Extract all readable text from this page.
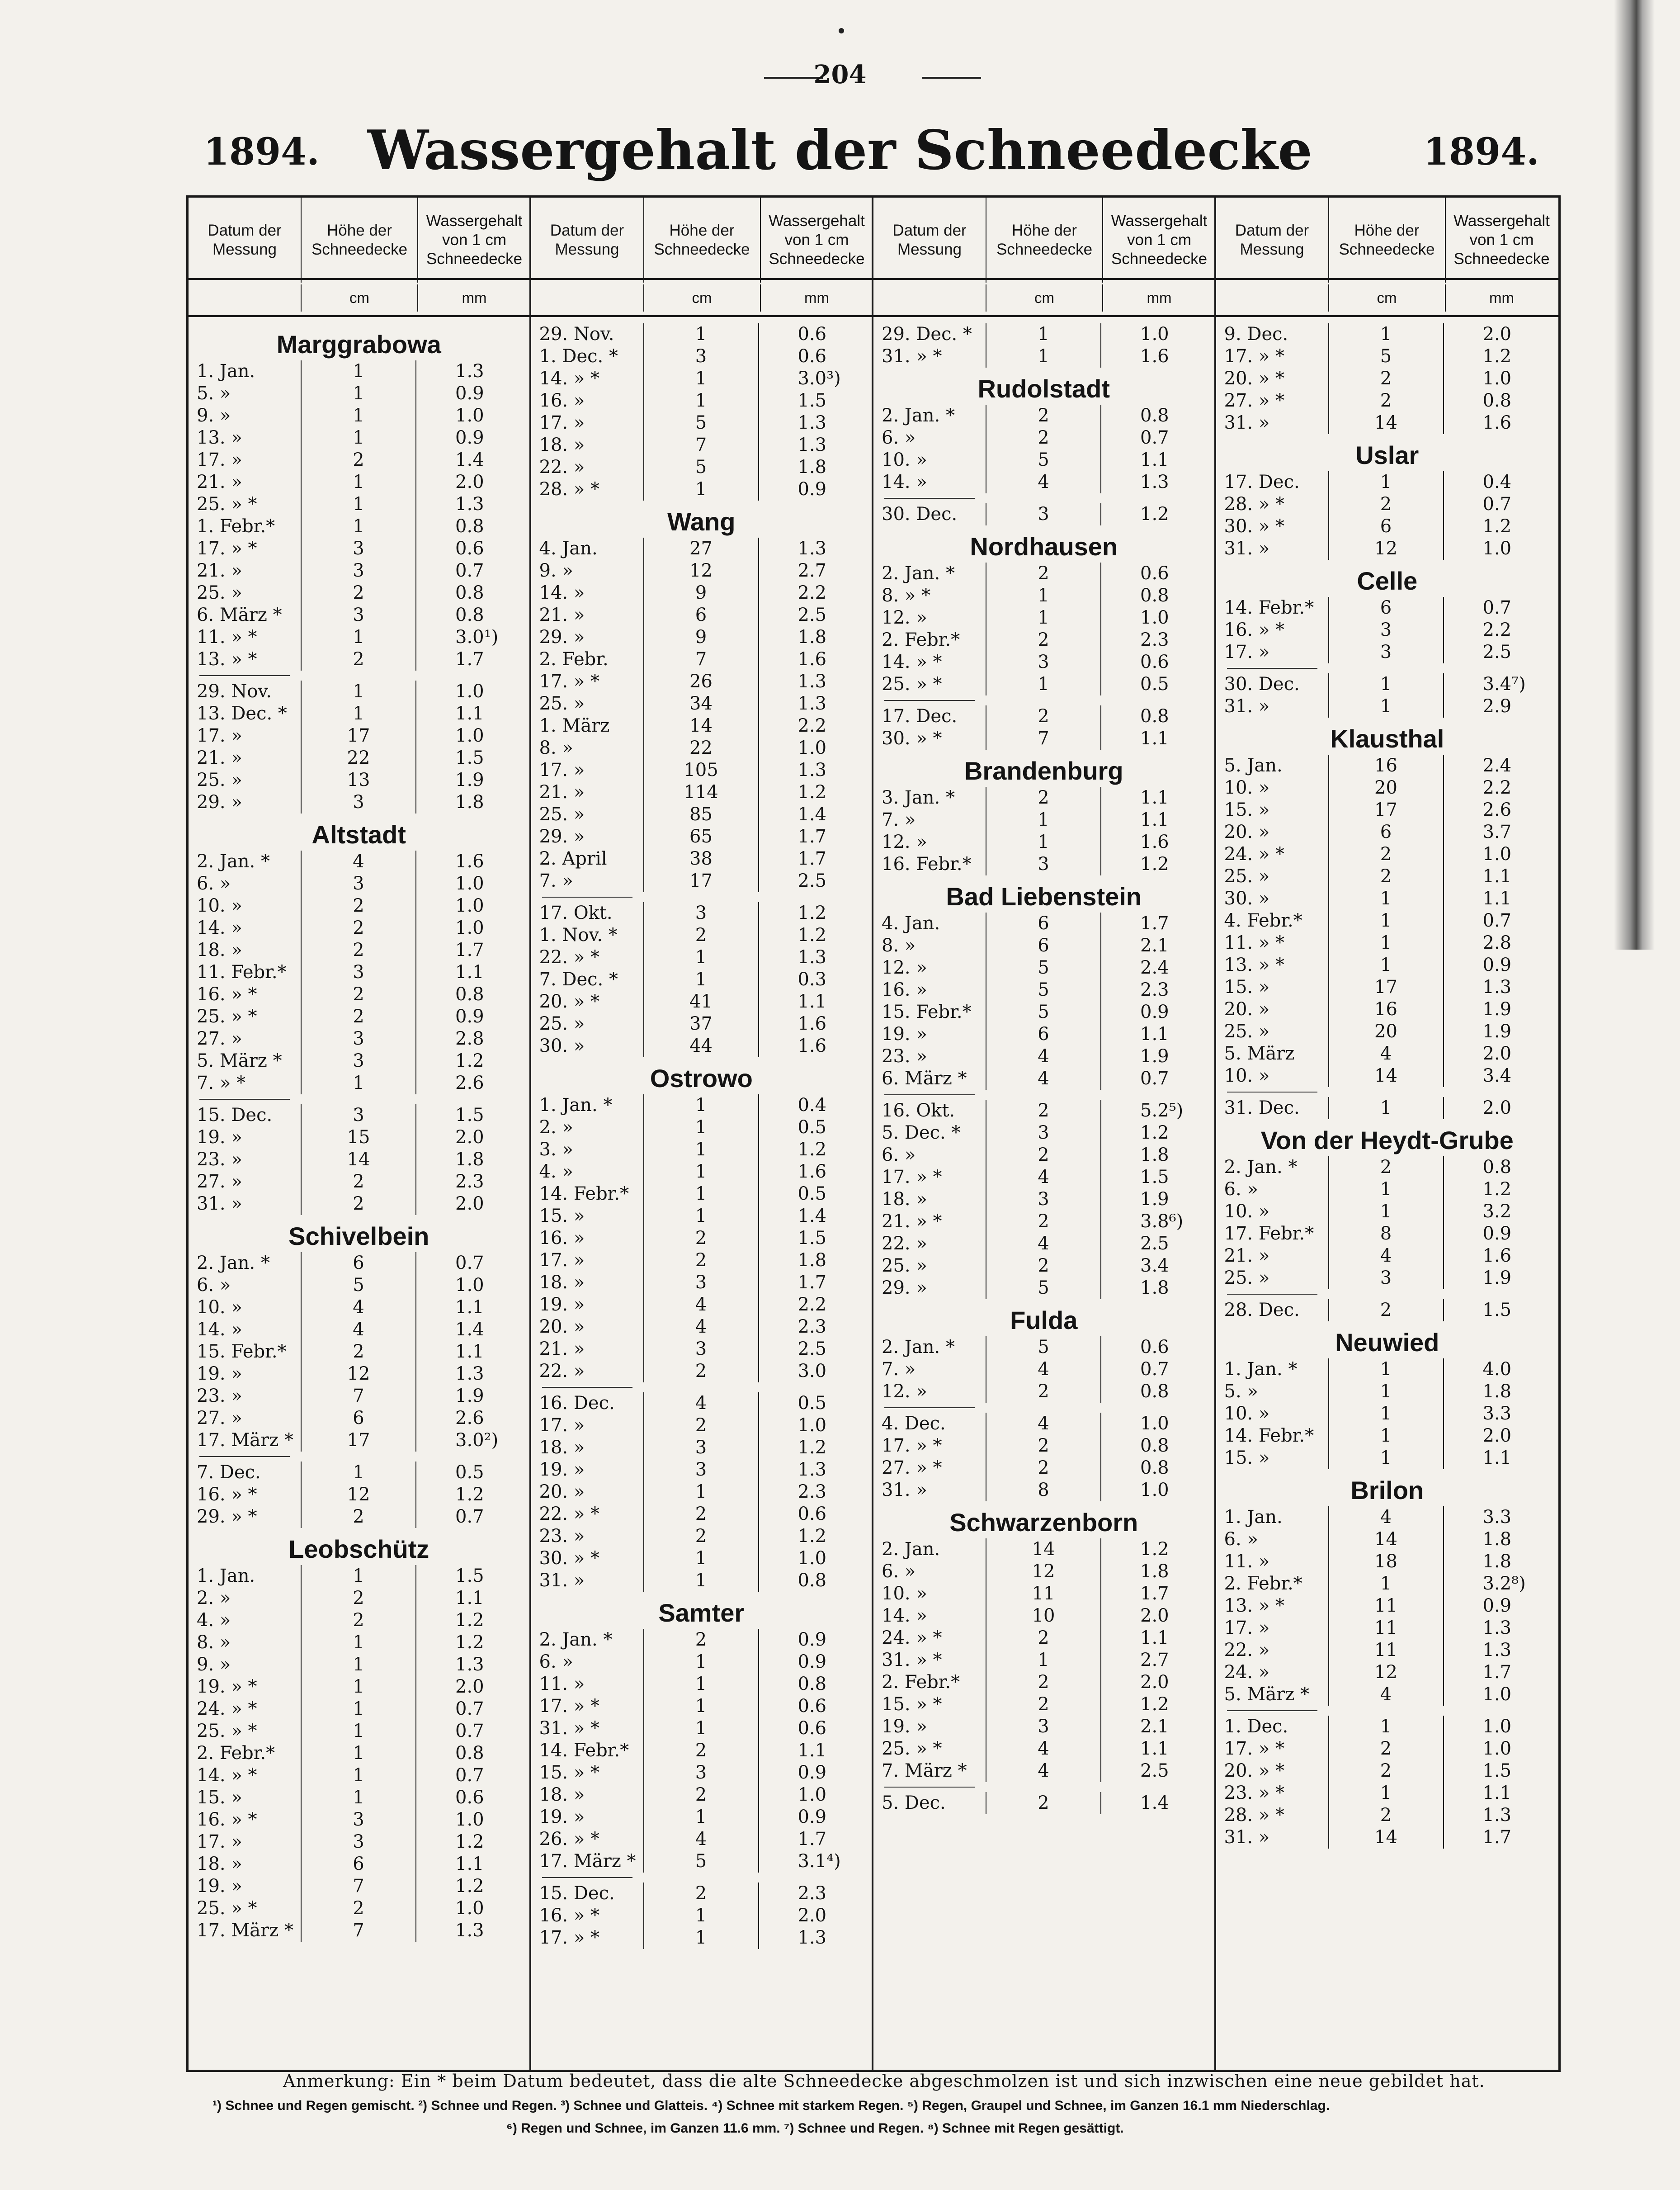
204
1894. Wassergehalt der Schneedecke	1894.
Datum der Messung
Höhe der Schneedecke
Wassergehalt von 1 cm Schneedecke
cm	mm
Marggrabowa
1. Jan.	1	1.3
5. »	1	0.9
9. »	1	1.0
13. »	1	0.9
17. »	2	1.4
21. »	1	2.0
25. » *	1	1.3
1. Febr.*	1	0.8
17. » *	3	0.6
21. »	3	0.7
25. »	2	0.8
6. März *	3	0.8
11. » *	1	3.0¹)
13. » *	2	1.7
29. Nov.	1	1.0
13. Dec. *	1	1.1
17. »	17	1.0
21. »	22	1.5
25. »	13	1.9
29. »	3	1.8
Altstadt
2. Jan. *	4	1.6
6. »	3	1.0
10. »	2	1.0
14. »	2	1.0
18. »	2	1.7
11. Febr.*	3	1.1
16. » *	2	0.8
25. » *	2	0.9
27. »	3	2.8
5. März *	3	1.2
7. » *	1	2.6
15. Dec.	3	1.5
19. »	15	2.0
23. »	14	1.8
27. »	2	2.3
31. »	2	2.0
Schivelbein
2. Jan. *	6	0.7
6. »	5	1.0
10. »	4	1.1
14. »	4	1.4
15. Febr.*	2	1.1
19. »	12	1.3
23. »	7	1.9
27. »	6	2.6
17. März *	17	3.0²)
7. Dec.	1	0.5
16. » *	12	1.2
29. » *	2	0.7
Leobschütz
1. Jan.	1	1.5
2. »	2	1.1
4. »	2	1.2
8. »	1	1.2
9. »	1	1.3
19. » *	1	2.0
24. » *	1	0.7
25. » *	1	0.7
2. Febr.*	1	0.8
14. » *	1	0.7
15. »	1	0.6
16. » *	3	1.0
17. »	3	1.2
18. »	6	1.1
19. »	7	1.2
25. » *	2	1.0
17. März *	7	1.3
Datum der Messung
Höhe der Schneedecke
Wassergehalt von 1 cm Schneedecke
cm	mm
29. Nov.	1	0.6
1. Dec. *	3	0.6
14. » *	1	3.0³)
16. »	1	1.5
17. »	5	1.3
18. »	7	1.3
22. »	5	1.8
28. » *	1	0.9
Wang
4. Jan.	27	1.3
9. »	12	2.7
14. »	9	2.2
21. »	6	2.5
29. »	9	1.8
2. Febr.	7	1.6
17. » *	26	1.3
25. »	34	1.3
1. März	14	2.2
8. »	22	1.0
17. »	105	1.3
21. »	114	1.2
25. »	85	1.4
29. »	65	1.7
2. April	38	1.7
7. »	17	2.5
17. Okt.	3	1.2
1. Nov. *	2	1.2
22. » *	1	1.3
7. Dec. *	1	0.3
20. » *	41	1.1
25. »	37	1.6
30. »	44	1.6
Ostrowo
1. Jan. *	1	0.4
2. »	1	0.5
3. »	1	1.2
4. »	1	1.6
14. Febr.*	1	0.5
15. »	1	1.4
16. »	2	1.5
17. »	2	1.8
18. »	3	1.7
19. »	4	2.2
20. »	4	2.3
21. »	3	2.5
22. »	2	3.0
16. Dec.	4	0.5
17. »	2	1.0
18. »	3	1.2
19. »	3	1.3
20. »	1	2.3
22. » *	2	0.6
23. »	2	1.2
30. » *	1	1.0
31. »	1	0.8
Samter
2. Jan. *	2	0.9
6. »	1	0.9
11. »	1	0.8
17. » *	1	0.6
31. » *	1	0.6
14. Febr.*	2	1.1
15. » *	3	0.9
18. »	2	1.0
19. »	1	0.9
26. » *	4	1.7
17. März *	5	3.1⁴)
15. Dec.	2	2.3
16. » *	1	2.0
17. » *	1	1.3
Datum der Messung
Höhe der Schneedecke
Wassergehalt von 1 cm Schneedecke
cm	mm
29. Dec. *	1	1.0
31. » *	1	1.6
Rudolstadt
2. Jan. *	2	0.8
6. »	2	0.7
10. »	5	1.1
14. »	4	1.3
30. Dec.	3	1.2
Nordhausen
2. Jan. *	2	0.6
8. » *	1	0.8
12. »	1	1.0
2. Febr.*	2	2.3
14. » *	3	0.6
25. » *	1	0.5
17. Dec.	2	0.8
30. » *	7	1.1
Brandenburg
3. Jan. *	2	1.1
7. »	1	1.1
12. »	1	1.6
16. Febr.*	3	1.2
Bad Liebenstein
4. Jan.	6	1.7
8. »	6	2.1
12. »	5	2.4
16. »	5	2.3
15. Febr.*	5	0.9
19. »	6	1.1
23. »	4	1.9
6. März *	4	0.7
16. Okt.	2	5.2⁵)
5. Dec. *	3	1.2
6. »	2	1.8
17. » *	4	1.5
18. »	3	1.9
21. » *	2	3.8⁶)
22. »	4	2.5
25. »	2	3.4
29. »	5	1.8
Fulda
2. Jan. *	5	0.6
7. »	4	0.7
12. »	2	0.8
4. Dec.	4	1.0
17. » *	2	0.8
27. » *	2	0.8
31. »	8	1.0
Schwarzenborn
2. Jan.	14	1.2
6. »	12	1.8
10. »	11	1.7
14. »	10	2.0
24. » *	2	1.1
31. » *	1	2.7
2. Febr.*	2	2.0
15. » *	2	1.2
19. »	3	2.1
25. » *	4	1.1
7. März *	4	2.5
5. Dec.	2	1.4
Datum der Messung
Höhe der Schneedecke
Wassergehalt von 1 cm Schneedecke
cm	mm
9. Dec.	1	2.0
17. » *	5	1.2
20. » *	2	1.0
27. » *	2	0.8
31. »	14	1.6
Uslar
17. Dec.	1	0.4
28. » *	2	0.7
30. » *	6	1.2
31. »	12	1.0
Celle
14. Febr.*	6	0.7
16. » *	3	2.2
17. »	3	2.5
30. Dec.	1	3.4⁷)
31. »	1	2.9
Klausthal
5. Jan.	16	2.4
10. »	20	2.2
15. »	17	2.6
20. »	6	3.7
24. » *	2	1.0
25. »	2	1.1
30. »	1	1.1
4. Febr.*	1	0.7
11. » *	1	2.8
13. » *	1	0.9
15. »	17	1.3
20. »	16	1.9
25. »	20	1.9
5. März	4	2.0
10. »	14	3.4
31. Dec.	1	2.0
Von der Heydt-Grube
2. Jan. *	2	0.8
6. »	1	1.2
10. »	1	3.2
17. Febr.*	8	0.9
21. »	4	1.6
25. »	3	1.9
28. Dec.	2	1.5
Neuwied
1. Jan. *	1	4.0
5. »	1	1.8
10. »	1	3.3
14. Febr.*	1	2.0
15. »	1	1.1
Brilon
1. Jan.	4	3.3
6. »	14	1.8
11. »	18	1.8
2. Febr.*	1	3.2⁸)
13. » *	11	0.9
17. »	11	1.3
22. »	11	1.3
24. »	12	1.7
5. März *	4	1.0
1. Dec.	1	1.0
17. » *	2	1.0
20. » *	2	1.5
23. » *	1	1.1
28. » *	2	1.3
31. »	14	1.7
Anmerkung: Ein * beim Datum bedeutet, dass die alte Schneedecke abgeschmolzen ist und sich inzwischen eine neue gebildet hat.
¹) Schnee und Regen gemischt. ²) Schnee und Regen. ³) Schnee und Glatteis. ⁴) Schnee mit starkem Regen. ⁵) Regen, Graupel und Schnee, im Ganzen 16.1 mm Niederschlag.
⁶) Regen und Schnee, im Ganzen 11.6 mm. ⁷) Schnee und Regen. ⁸) Schnee mit Regen gesättigt.
